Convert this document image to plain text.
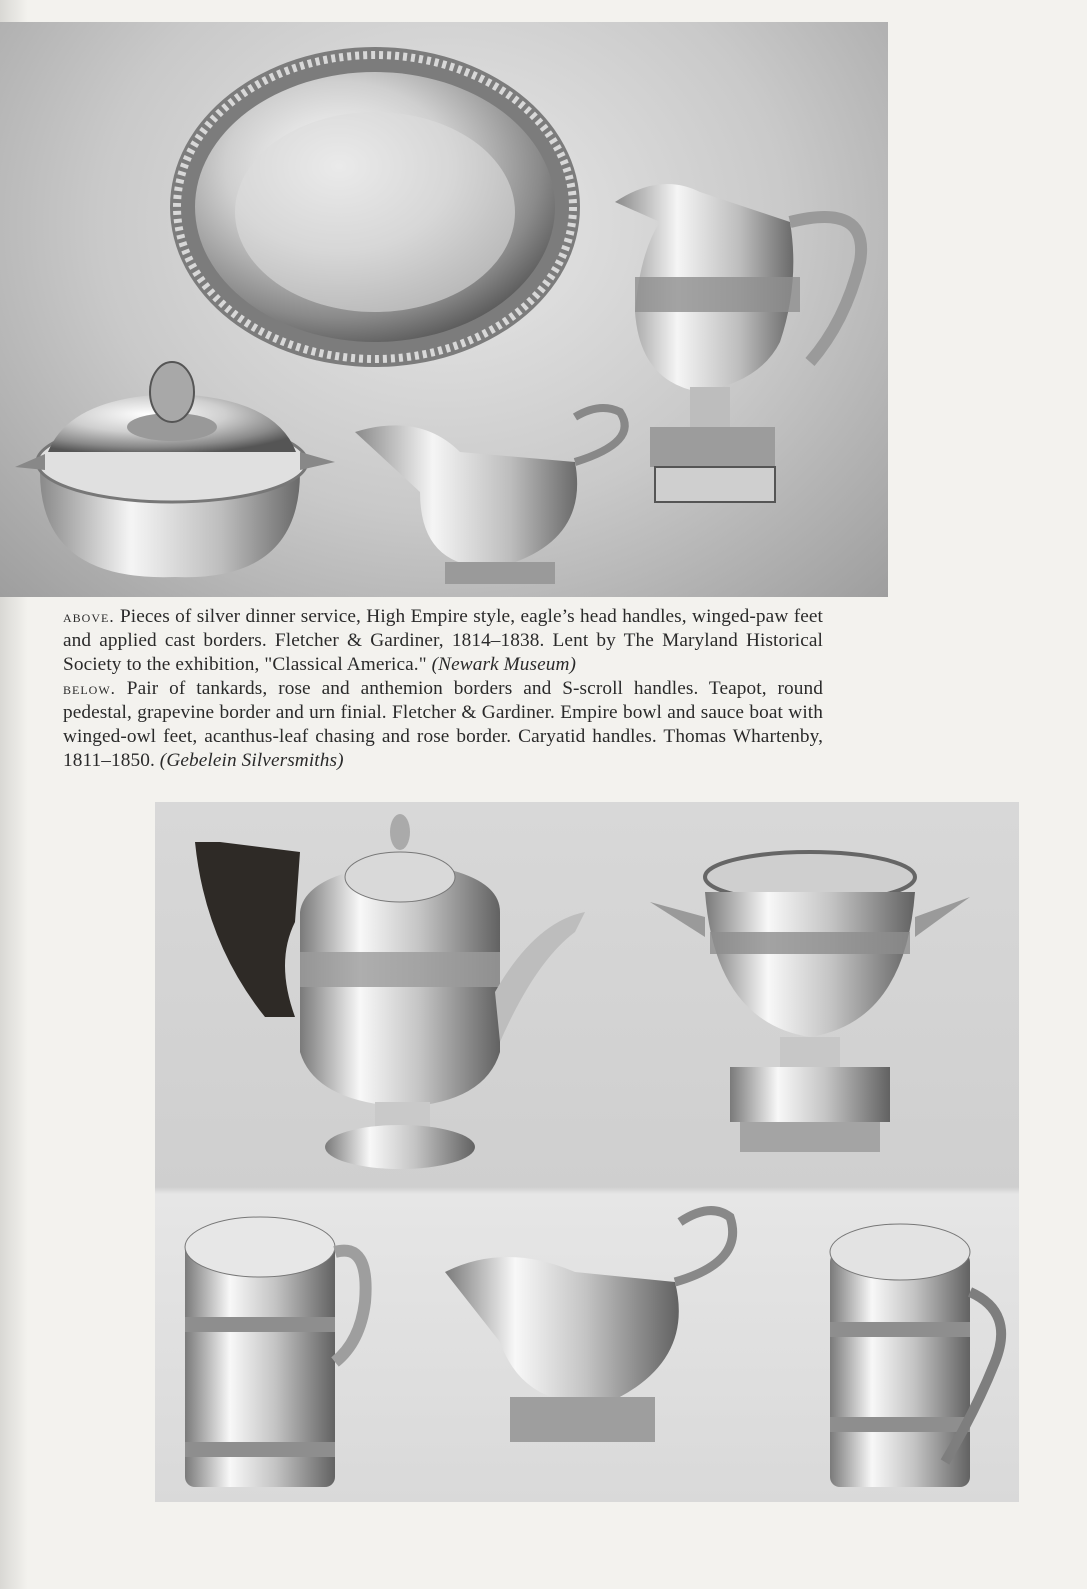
above. Pieces of silver dinner service, High Empire style, eagle’s head handles, winged-paw feet and applied cast borders. Fletcher & Gardiner, 1814–1838. Lent by The Maryland Historical Society to the exhibition, "Classical America." (Newark Museum)

below. Pair of tankards, rose and anthemion borders and S-scroll handles. Teapot, round pedestal, grapevine border and urn finial. Fletcher & Gardiner. Empire bowl and sauce boat with winged-owl feet, acanthus-leaf chasing and rose border. Caryatid handles. Thomas Whartenby, 1811–1850. (Gebelein Silversmiths)
